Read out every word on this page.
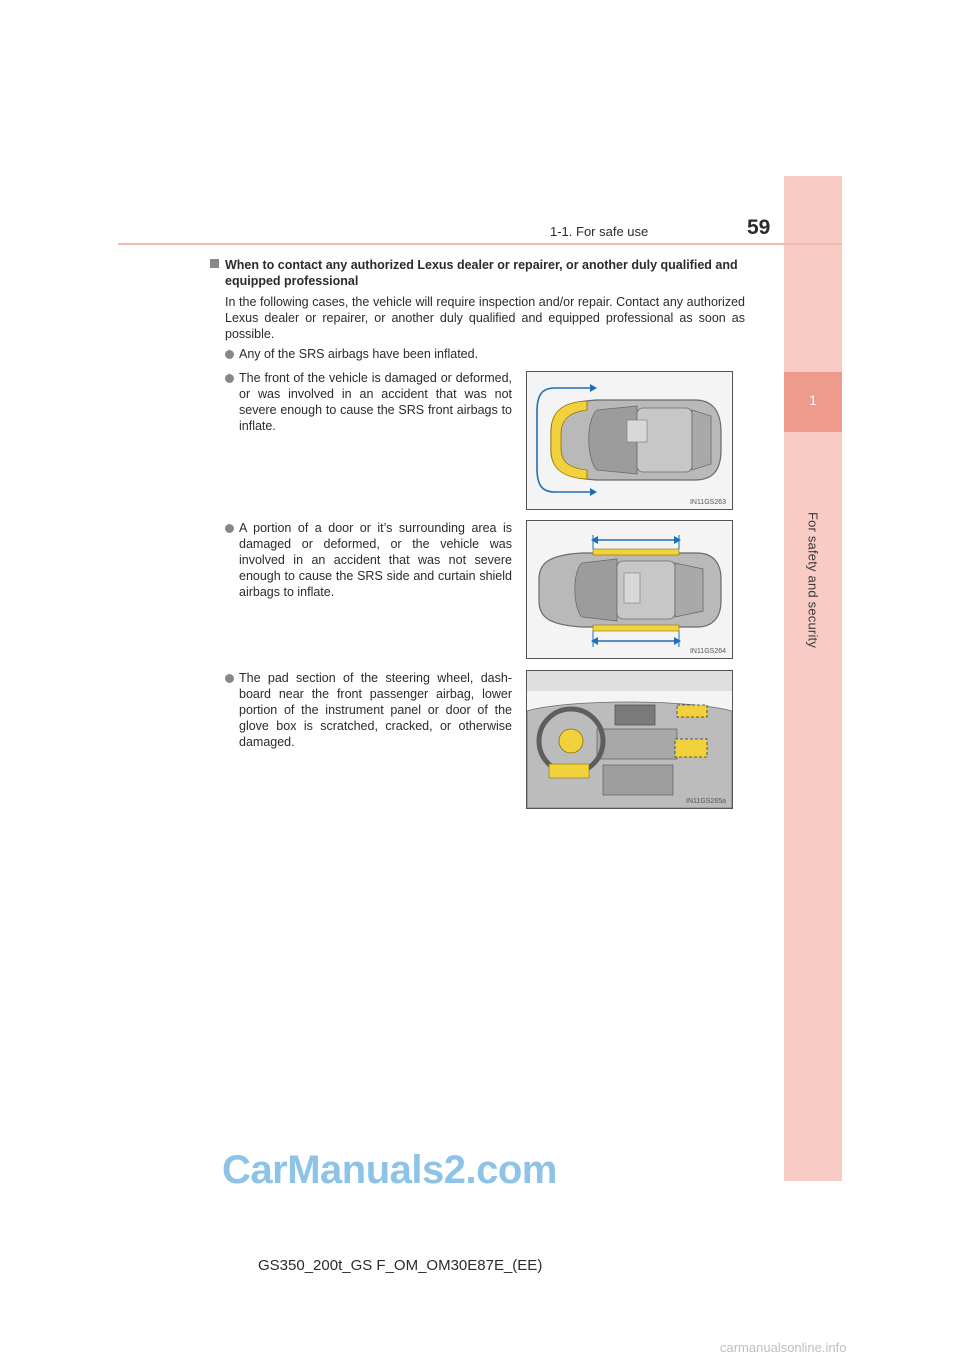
1
For safety and security
1-1. For safe use	59
When to contact any authorized Lexus dealer or repairer, or another duly qualified and equipped professional
In the following cases, the vehicle will require inspection and/or repair. Contact any authorized Lexus dealer or repairer, or another duly qualified and equipped professional as soon as possible.
Any of the SRS airbags have been inflated.
The front of the vehicle is damaged or deformed, or was involved in an accident that was not severe enough to cause the SRS front airbags to inflate.
IN11GS263
A portion of a door or it’s surrounding area is damaged or deformed, or the vehicle was involved in an accident that was not severe enough to cause the SRS side and curtain shield airbags to inflate.
IN11GS264
The pad section of the steering wheel, dash-board near the front passenger airbag, lower portion of the instrument panel or door of the glove box is scratched, cracked, or otherwise damaged.
IN11GS265a
CarManuals2.com
GS350_200t_GS F_OM_OM30E87E_(EE)
carmanualsonline.info
